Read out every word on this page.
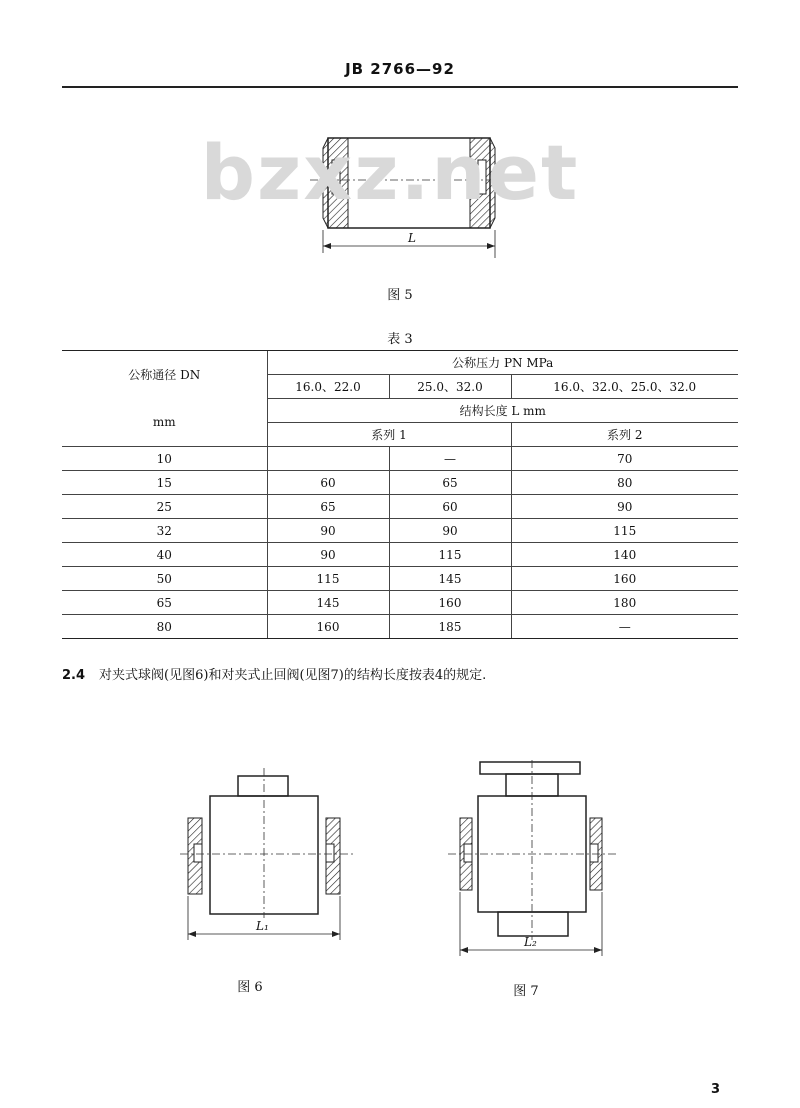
JB 2766—92
L
bzxz.net
图 5
表 3
公称通径 DN	公称压力 PN MPa		
	16.0、22.0	25.0、32.0	16.0、32.0、25.0、32.0
mm	结构长度 L mm		
	系列 1		系列 2
10		—	70
15	60	65	80
25	65	60	90
32	90	90	115
40	90	115	140
50	115	145	160
65	145	160	180
80	160	185	—
2.4 对夹式球阀(见图6)和对夹式止回阀(见图7)的结构长度按表4的规定.
L₁
图 6
L₂
图 7
3
